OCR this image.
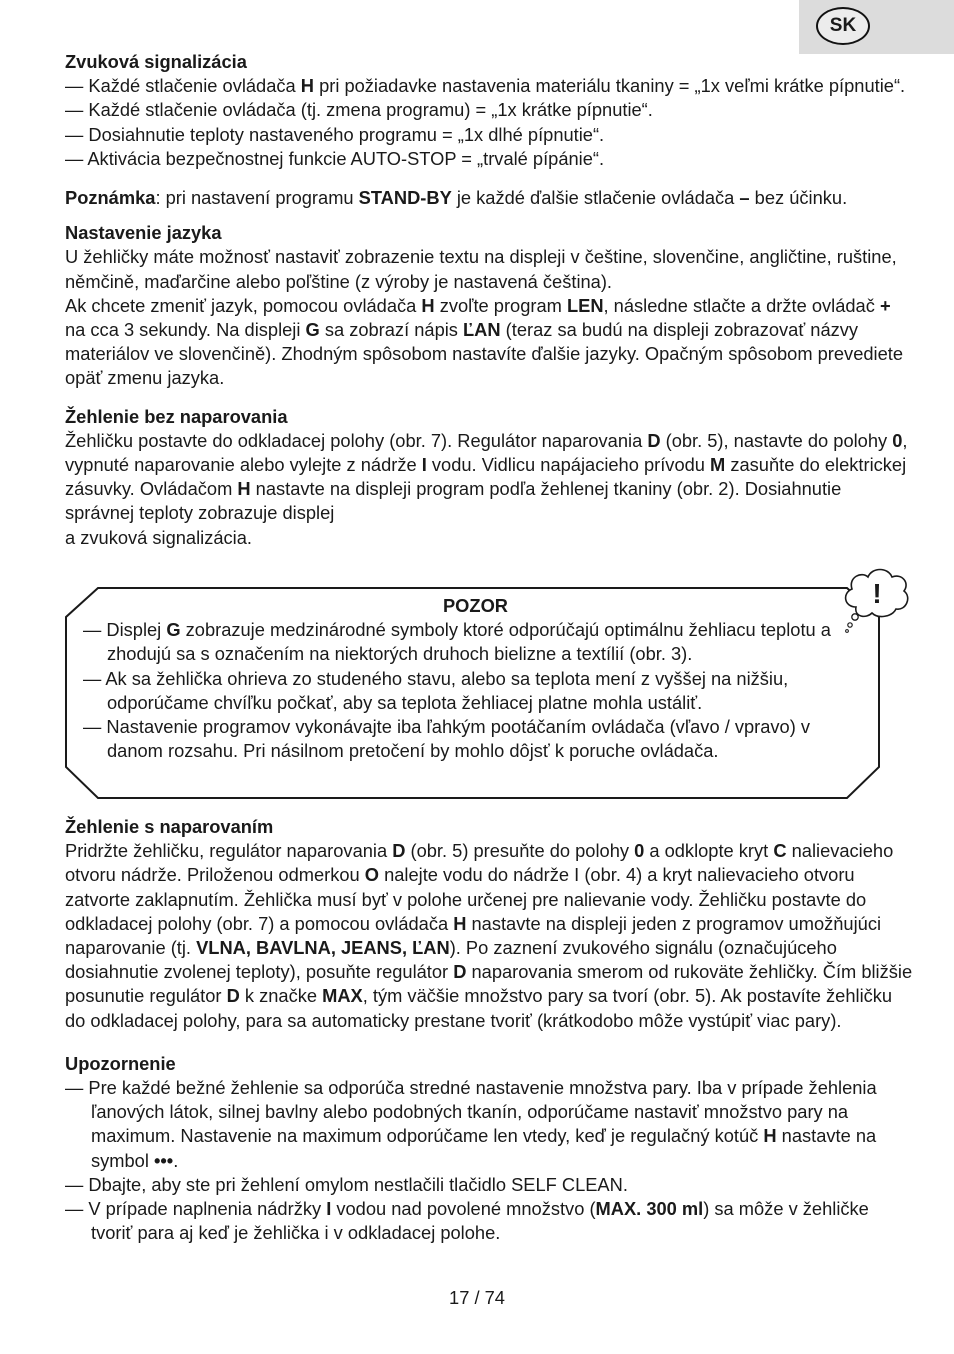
SK
Zvuková signalizácia
— Každé stlačenie ovládača H pri požiadavke nastavenia materiálu tkaniny = „1x veľmi krátke pípnutie“.
— Každé stlačenie ovládača (tj. zmena programu) = „1x krátke pípnutie“.
— Dosiahnutie teploty nastaveného programu = „1x dlhé pípnutie“.
— Aktivácia bezpečnostnej funkcie AUTO-STOP = „trvalé pípánie“.
Poznámka: pri nastavení programu STAND-BY je každé ďalšie stlačenie ovládača – bez účinku.
Nastavenie jazyka

U žehličky máte možnosť nastaviť zobrazenie textu na displeji v češtine, slovenčine, angličtine, ruštine, němčině, maďarčine alebo poľštine (z výroby je nastavená čeština).

Ak chcete zmeniť jazyk, pomocou ovládača H zvoľte program LEN, následne stlačte a držte ovládač + na cca 3 sekundy. Na displeji G sa zobrazí nápis ĽAN (teraz sa budú na displeji zobrazovať názvy materiálov ve slovenčině). Zhodným spôsobom nastavíte ďalšie jazyky. Opačným spôsobom prevediete opäť zmenu jazyka.

Žehlenie bez naparovania

Žehličku postavte do odkladacej polohy (obr. 7). Regulátor naparovania D (obr. 5), nastavte do polohy 0, vypnuté naparovanie alebo vylejte z nádrže I vodu. Vidlicu napájacieho prívodu M zasuňte do elektrickej zásuvky. Ovládačom H nastavte na displeji program podľa žehlenej tkaniny (obr. 2). Dosiahnutie správnej teploty zobrazuje displej
a zvuková signalizácia.

POZOR
— Displej G zobrazuje medzinárodné symboly ktoré odporúčajú optimálnu žehliacu teplotu a zhodujú sa s označením na niektorých druhoch bielizne a textílií (obr. 3).
— Ak sa žehlička ohrieva zo studeného stavu, alebo sa teplota mení z vyššej na nižšiu, odporúčame chvíľku počkať, aby sa teplota žehliacej platne mohla ustáliť.
— Nastavenie programov vykonávajte iba ľahkým pootáčaním ovládača (vľavo / vpravo) v danom rozsahu. Pri násilnom pretočení by mohlo dôjsť k poruche ovládača.
!
Žehlenie s naparovaním

Pridržte žehličku, regulátor naparovania D (obr. 5) presuňte do polohy 0 a odklopte kryt C nalievacieho otvoru nádrže. Priloženou odmerkou O nalejte vodu do nádrže I (obr. 4) a kryt nalievacieho otvoru zatvorte zaklapnutím. Žehlička musí byť v polohe určenej pre nalievanie vody. Žehličku postavte do odkladacej polohy (obr. 7) a pomocou ovládača H nastavte na displeji jeden z programov umožňujúci naparovanie (tj. VLNA, BAVLNA, JEANS, ĽAN). Po zaznení zvukového signálu (označujúceho dosiahnutie zvolenej teploty), posuňte regulátor D naparovania smerom od rukoväte žehličky. Čím bližšie posunutie regulátor D k značke MAX, tým väčšie množstvo pary sa tvorí (obr. 5). Ak postavíte žehličku do odkladacej polohy, para sa automaticky prestane tvoriť (krátkodobo môže vystúpiť viac pary).

Upozornenie
— Pre každé bežné žehlenie sa odporúča stredné nastavenie množstva pary. Iba v prípade žehlenia ľanových látok, silnej bavlny alebo podobných tkanín, odporúčame nastaviť množstvo pary na maximum. Nastavenie na maximum odporúčame len vtedy, keď je regulačný kotúč H nastavte na symbol •••.
— Dbajte, aby ste pri žehlení omylom nestlačili tlačidlo SELF CLEAN.
— V prípade naplnenia nádržky I vodou nad povolené množstvo (MAX. 300 ml) sa môže v žehličke tvoriť para aj keď je žehlička i v odkladacej polohe.
17 / 74
